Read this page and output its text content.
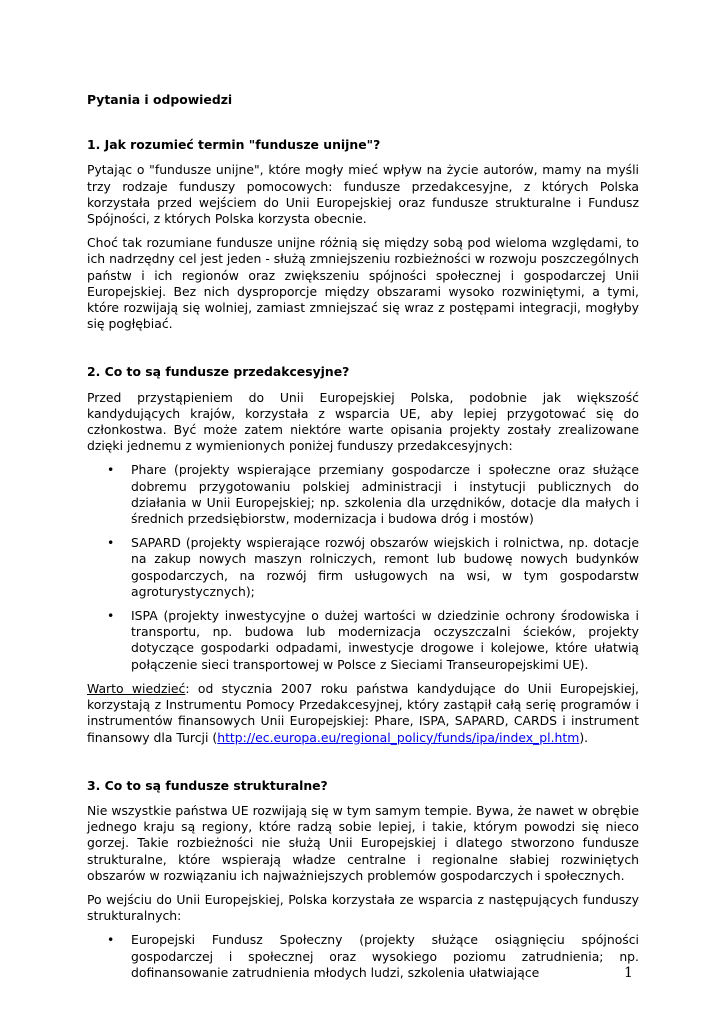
Pytania i odpowiedzi
1. Jak rozumieć termin "fundusze unijne"?

Pytając o "fundusze unijne", które mogły mieć wpływ na życie autorów, mamy na myśli trzy rodzaje funduszy pomocowych: fundusze przedakcesyjne, z których Polska korzystała przed wejściem do Unii Europejskiej oraz fundusze strukturalne i Fundusz Spójności, z których Polska korzysta obecnie.

Choć tak rozumiane fundusze unijne różnią się między sobą pod wieloma względami, to ich nadrzędny cel jest jeden - służą zmniejszeniu rozbieżności w rozwoju poszczególnych państw i ich regionów oraz zwiększeniu spójności społecznej i gospodarczej Unii Europejskiej. Bez nich dysproporcje między obszarami wysoko rozwiniętymi, a tymi, które rozwijają się wolniej, zamiast zmniejszać się wraz z postępami integracji, mogłyby się pogłębiać.

2. Co to są fundusze przedakcesyjne?

Przed przystąpieniem do Unii Europejskiej Polska, podobnie jak większość kandydujących krajów, korzystała z wsparcia UE, aby lepiej przygotować się do członkostwa. Być może zatem niektóre warte opisania projekty zostały zrealizowane dzięki jednemu z wymienionych poniżej funduszy przedakcesyjnych:

• Phare (projekty wspierające przemiany gospodarcze i społeczne oraz służące dobremu przygotowaniu polskiej administracji i instytucji publicznych do działania w Unii Europejskiej; np. szkolenia dla urzędników, dotacje dla małych i średnich przedsiębiorstw, modernizacja i budowa dróg i mostów)
• SAPARD (projekty wspierające rozwój obszarów wiejskich i rolnictwa, np. dotacje na zakup nowych maszyn rolniczych, remont lub budowę nowych budynków gospodarczych, na rozwój firm usługowych na wsi, w tym gospodarstw agroturystycznych);
• ISPA (projekty inwestycyjne o dużej wartości w dziedzinie ochrony środowiska i transportu, np. budowa lub modernizacja oczyszczalni ścieków, projekty dotyczące gospodarki odpadami, inwestycje drogowe i kolejowe, które ułatwią połączenie sieci transportowej w Polsce z Sieciami Transeuropejskimi UE).

Warto wiedzieć: od stycznia 2007 roku państwa kandydujące do Unii Europejskiej, korzystają z Instrumentu Pomocy Przedakcesyjnej, który zastąpił całą serię programów i instrumentów finansowych Unii Europejskiej: Phare, ISPA, SAPARD, CARDS i instrument finansowy dla Turcji (http://ec.europa.eu/regional_policy/funds/ipa/index_pl.htm).

3. Co to są fundusze strukturalne?

Nie wszystkie państwa UE rozwijają się w tym samym tempie. Bywa, że nawet w obrębie jednego kraju są regiony, które radzą sobie lepiej, i takie, którym powodzi się nieco gorzej. Takie rozbieżności nie służą Unii Europejskiej i dlatego stworzono fundusze strukturalne, które wspierają władze centralne i regionalne słabiej rozwiniętych obszarów w rozwiązaniu ich najważniejszych problemów gospodarczych i społecznych.

Po wejściu do Unii Europejskiej, Polska korzystała ze wsparcia z następujących funduszy strukturalnych:

• Europejski Fundusz Społeczny (projekty służące osiągnięciu spójności gospodarczej i społecznej oraz wysokiego poziomu zatrudnienia; np. dofinansowanie zatrudnienia młodych ludzi, szkolenia ułatwiające	1
